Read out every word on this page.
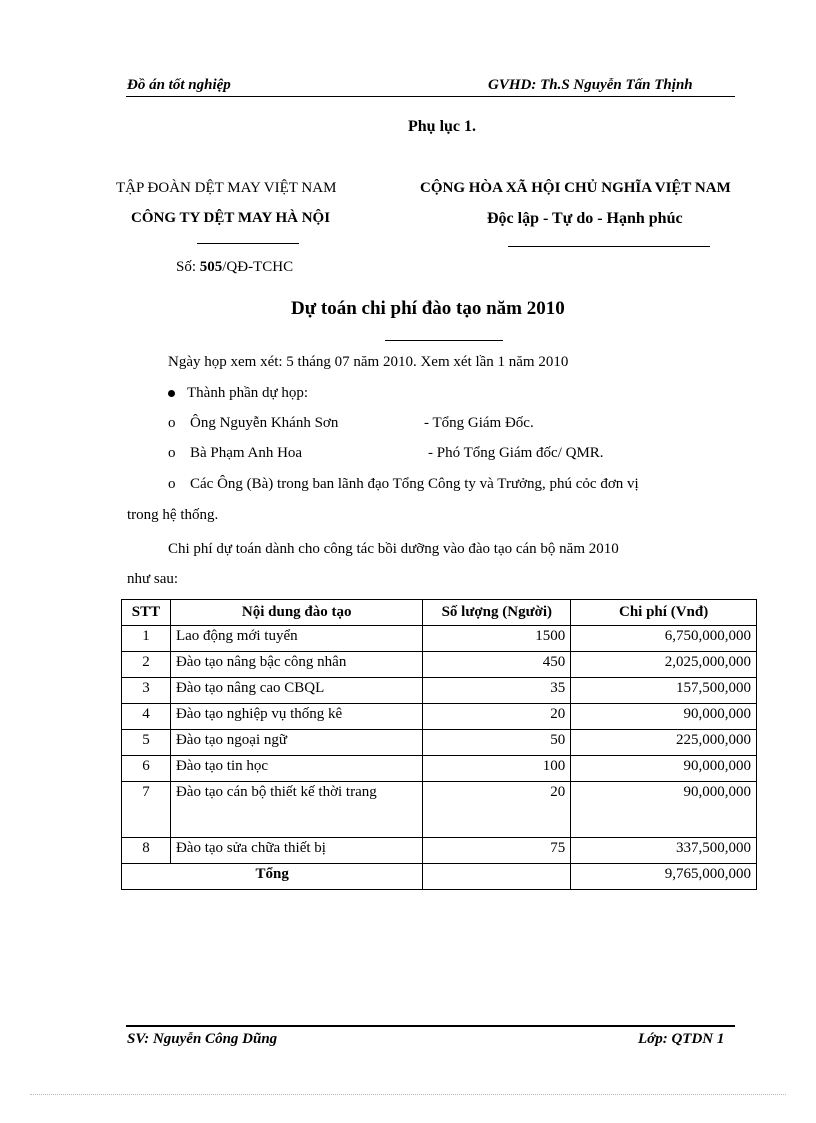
Đồ án tốt nghiệp	GVHD: Th.S Nguyễn Tấn Thịnh
Phụ lục 1.
TẬP ĐOÀN DỆT MAY VIỆT NAM
CÔNG TY DỆT MAY HÀ NỘI
CỘNG HÒA XÃ HỘI CHỦ NGHĨA VIỆT NAM
Độc lập - Tự do - Hạnh phúc
Số: 505/QĐ-TCHC
Dự toán chi phí đào tạo năm 2010
Ngày họp xem xét: 5 tháng 07 năm 2010. Xem xét lần 1 năm 2010
Thành phần dự họp:
o Ông Nguyễn Khánh Sơn	- Tổng Giám Đốc.
o Bà Phạm Anh Hoa	- Phó Tổng Giám đốc/ QMR.
o Các Ông (Bà) trong ban lãnh đạo Tổng Công ty và Trưởng, phú cỏc đơn vị
trong hệ thống.
Chi phí dự toán dành cho công tác bồi dưỡng vào đào tạo cán bộ năm 2010
như sau:
STT	Nội dung đào tạo	Số lượng (Người)	Chi phí (Vnđ)
1	Lao động mới tuyển	1500	6,750,000,000
2	Đào tạo nâng bậc công nhân	450	2,025,000,000
3	Đào tạo nâng cao CBQL	35	157,500,000
4	Đào tạo nghiệp vụ thống kê	20	90,000,000
5	Đào tạo ngoại ngữ	50	225,000,000
6	Đào tạo tin học	100	90,000,000
7	Đào tạo cán bộ thiết kế thời trang	20	90,000,000
8	Đào tạo sửa chữa thiết bị	75	337,500,000
Tổng			9,765,000,000
SV: Nguyễn Công Dũng	Lớp: QTDN 1
